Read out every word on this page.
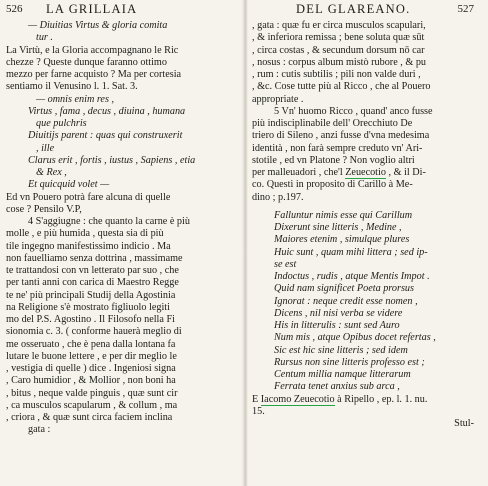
526 LA GRILLAIA
— Diuitias Virtus & gloria comita
tur .
La Virtù, e la Gloria accompagnano le Ric
chezze ? Queste dunque faranno ottimo
mezzo per farne acquisto ? Ma per cortesia
sentiamo il Venusino l. 1. Sat. 3.
— omnis enim res ,
Virtus , fama , decus , diuina , humana
que pulchris
Diuitijs parent : quas qui construxerit
, ille
Clarus erit , fortis , iustus , Sapiens , etia
& Rex ,
Et quicquid volet —
Ed vn Pouero potrà fare alcuna di quelle
cose ? Pensilo V.P,
4 S'aggiugne : che quanto la carne è più
molle , e più humida , questa sia di più
tile ingegno manifestissimo indicio . Ma
non fauelliamo senza dottrina , massimame
te trattandosi con vn letterato par suo , che
per tanti anni con carica di Maestro Regge
te ne' più principali Studij della Agostinia
na Religione s'è mostrato figliuolo legiti
mo del P.S. Agostino . Il Filosofo nella Fi
sionomia c. 3. ( conforme hauerà meglio di
me osseruato , che è pena dalla lontana fa
lutare le buone lettere , e per dir meglio le
, vestigia di quelle ) dice . Ingeniosi signa
, Caro humidior , & Mollior , non boni ha
, bitus , neque valde pinguis , quæ sunt cir
, ca musculos scapularum , & collum , ma
, criora , & quæ sunt circa faciem inclina
gata :
DEL GLAREANO.	527
, gata : quæ fu er circa musculos scapulari,
, & inferiora remissa ; bene soluta quæ sūt
, circa costas , & secundum dorsum nō car
, nosus : corpus album mistò rubore , & pu
, rum : cutis subtilis ; pili non valde duri ,
, &c. Cose tutte più al Ricco , che al Pouero
appropriate .
5 Vn' huomo Ricco , quand' anco fusse
più indisciplinabile dell' Orecchiuto De
triero di Sileno , anzi fusse d'vna medesima
identità , non farà sempre creduto vn' Ari-
stotile , ed vn Platone ? Non voglio altri
per malleuadori , che'l Zeuecotio , & il Di-
co. Questi in proposito di Carillo à Me-
dino ; p.197.
Falluntur nimis esse qui Carillum
Dixerunt sine litteris , Medine ,
Maiores etenim , simulque plures
Huic sunt , quam mihi littera ; sed ip-
se est
Indoctus , rudis , atque Mentis Impot .
Quid nam significet Poeta prorsus
Ignorat : neque credit esse nomen ,
Dicens , nil nisi verba se videre
His in litterulis : sunt sed Auro
Num mis , atque Opibus docet refertas ,
Sic est hic sine litteris ; sed idem
Rursus non sine litteris professo est ;
Centum millia namque litterarum
Ferrata tenet anxius sub arca ,
E Iacomo Zeuecotio à Ripello , ep. l. 1. nu.
15.
Stul-
